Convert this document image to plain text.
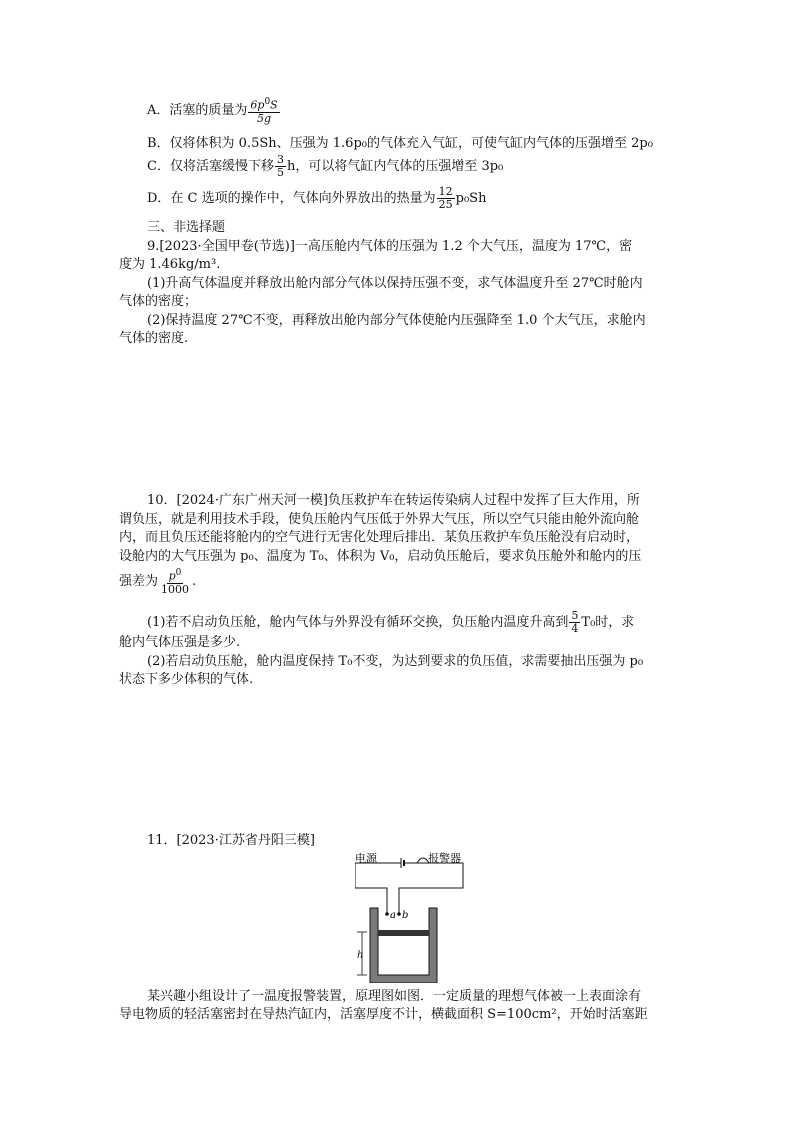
A．活塞的质量为 $\frac{6p^0S}{5g}$
B．仅将体积为 0.5Sh、压强为 1.6p₀的气体充入气缸，可使气缸内气体的压强增至 2p₀
C．仅将活塞缓慢下移 $\frac{3}{5}$ h，可以将气缸内气体的压强增至 3p₀
D．在 C 选项的操作中，气体向外界放出的热量为 $\frac{12}{25} p_0Sh$
三、非选择题
9.[2023·全国甲卷(节选)]一高压舱内气体的压强为 1.2 个大气压，温度为 17℃，密
度为 1.46kg/m³.
(1)升高气体温度并释放出舱内部分气体以保持压强不变，求气体温度升至 27℃时舱内
气体的密度；
(2)保持温度 27℃不变，再释放出舱内部分气体使舱内压强降至 1.0 个大气压，求舱内
气体的密度.
10．[2024·广东广州天河一模]负压救护车在转运传染病人过程中发挥了巨大作用，所
谓负压，就是利用技术手段，使负压舱内气压低于外界大气压，所以空气只能由舱外流向舱
内，而且负压还能将舱内的空气进行无害化处理后排出．某负压救护车负压舱没有启动时，
设舱内的大气压强为 p₀、温度为 T₀、体积为 V₀，启动负压舱后，要求负压舱外和舱内的压
强差为 $\frac{p^0}{1000}$ .
(1)若不启动负压舱，舱内气体与外界没有循环交换，负压舱内温度升高到 $\frac{5}{4} T_0$时，求
舱内气体压强是多少.
(2)若启动负压舱，舱内温度保持 T₀不变，为达到要求的负压值，求需要抽出压强为 p₀
状态下多少体积的气体.
11．[2023·江苏省丹阳三模]
电源	报警器
a b
h
某兴趣小组设计了一温度报警装置，原理图如图．一定质量的理想气体被一上表面涂有
导电物质的轻活塞密封在导热汽缸内，活塞厚度不计，横截面积 S=100cm²，开始时活塞距
